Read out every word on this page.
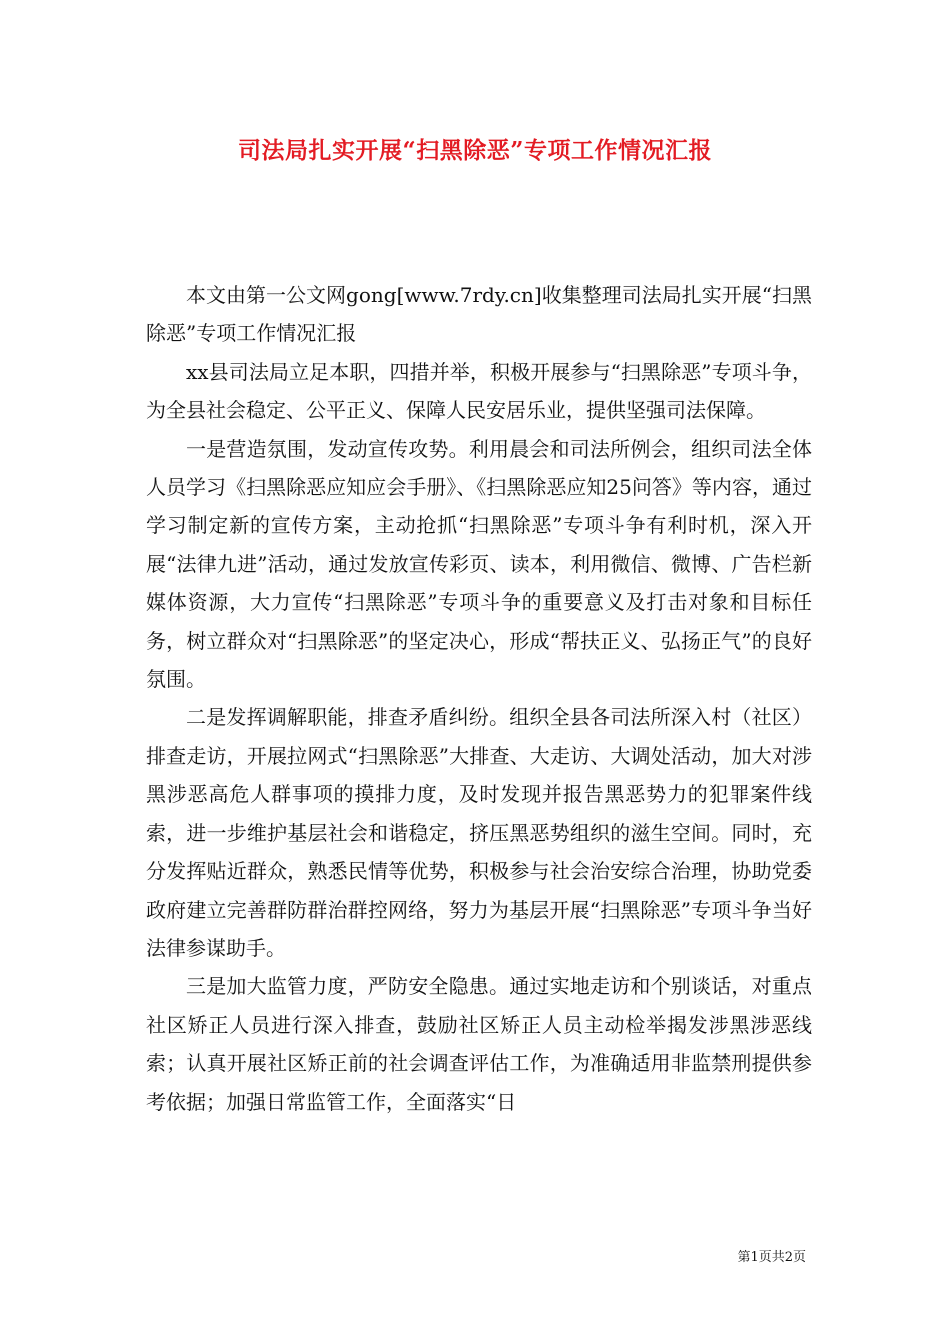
司法局扎实开展“扫黑除恶”专项工作情况汇报

本文由第一公文网gong[www.7rdy.cn]收集整理司法局扎实开展“扫黑除恶”专项工作情况汇报

xx县司法局立足本职，四措并举，积极开展参与“扫黑除恶”专项斗争，为全县社会稳定、公平正义、保障人民安居乐业，提供坚强司法保障。

一是营造氛围，发动宣传攻势。利用晨会和司法所例会，组织司法全体人员学习《扫黑除恶应知应会手册》、《扫黑除恶应知25问答》等内容，通过学习制定新的宣传方案，主动抢抓“扫黑除恶”专项斗争有利时机，深入开展“法律九进”活动，通过发放宣传彩页、读本，利用微信、微博、广告栏新媒体资源，大力宣传“扫黑除恶”专项斗争的重要意义及打击对象和目标任务，树立群众对“扫黑除恶”的坚定决心，形成“帮扶正义、弘扬正气”的良好氛围。

二是发挥调解职能，排查矛盾纠纷。组织全县各司法所深入村（社区）排查走访，开展拉网式“扫黑除恶”大排查、大走访、大调处活动，加大对涉黑涉恶高危人群事项的摸排力度，及时发现并报告黑恶势力的犯罪案件线索，进一步维护基层社会和谐稳定，挤压黑恶势组织的滋生空间。同时，充分发挥贴近群众，熟悉民情等优势，积极参与社会治安综合治理，协助党委政府建立完善群防群治群控网络，努力为基层开展“扫黑除恶”专项斗争当好法律参谋助手。

三是加大监管力度，严防安全隐患。通过实地走访和个别谈话，对重点社区矫正人员进行深入排查，鼓励社区矫正人员主动检举揭发涉黑涉恶线索；认真开展社区矫正前的社会调查评估工作，为准确适用非监禁刑提供参考依据；加强日常监管工作，全面落实“日

第1页共2页
